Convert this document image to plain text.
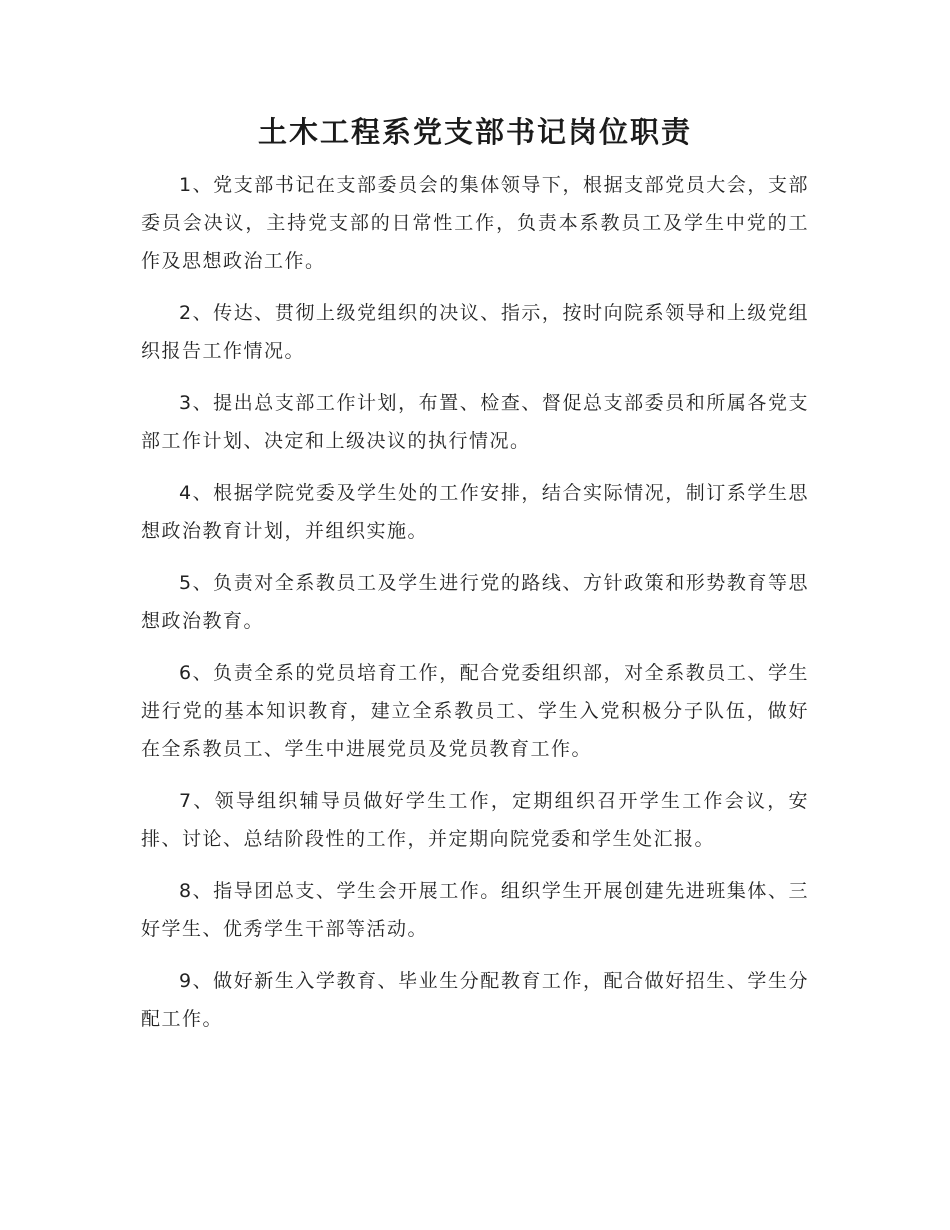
土木工程系党支部书记岗位职责

1、党支部书记在支部委员会的集体领导下，根据支部党员大会，支部委员会决议，主持党支部的日常性工作，负责本系教员工及学生中党的工作及思想政治工作。

2、传达、贯彻上级党组织的决议、指示，按时向院系领导和上级党组织报告工作情况。

3、提出总支部工作计划，布置、检查、督促总支部委员和所属各党支部工作计划、决定和上级决议的执行情况。

4、根据学院党委及学生处的工作安排，结合实际情况，制订系学生思想政治教育计划，并组织实施。

5、负责对全系教员工及学生进行党的路线、方针政策和形势教育等思想政治教育。

6、负责全系的党员培育工作，配合党委组织部，对全系教员工、学生进行党的基本知识教育，建立全系教员工、学生入党积极分子队伍，做好在全系教员工、学生中进展党员及党员教育工作。

7、领导组织辅导员做好学生工作，定期组织召开学生工作会议，安排、讨论、总结阶段性的工作，并定期向院党委和学生处汇报。

8、指导团总支、学生会开展工作。组织学生开展创建先进班集体、三好学生、优秀学生干部等活动。

9、做好新生入学教育、毕业生分配教育工作，配合做好招生、学生分配工作。
